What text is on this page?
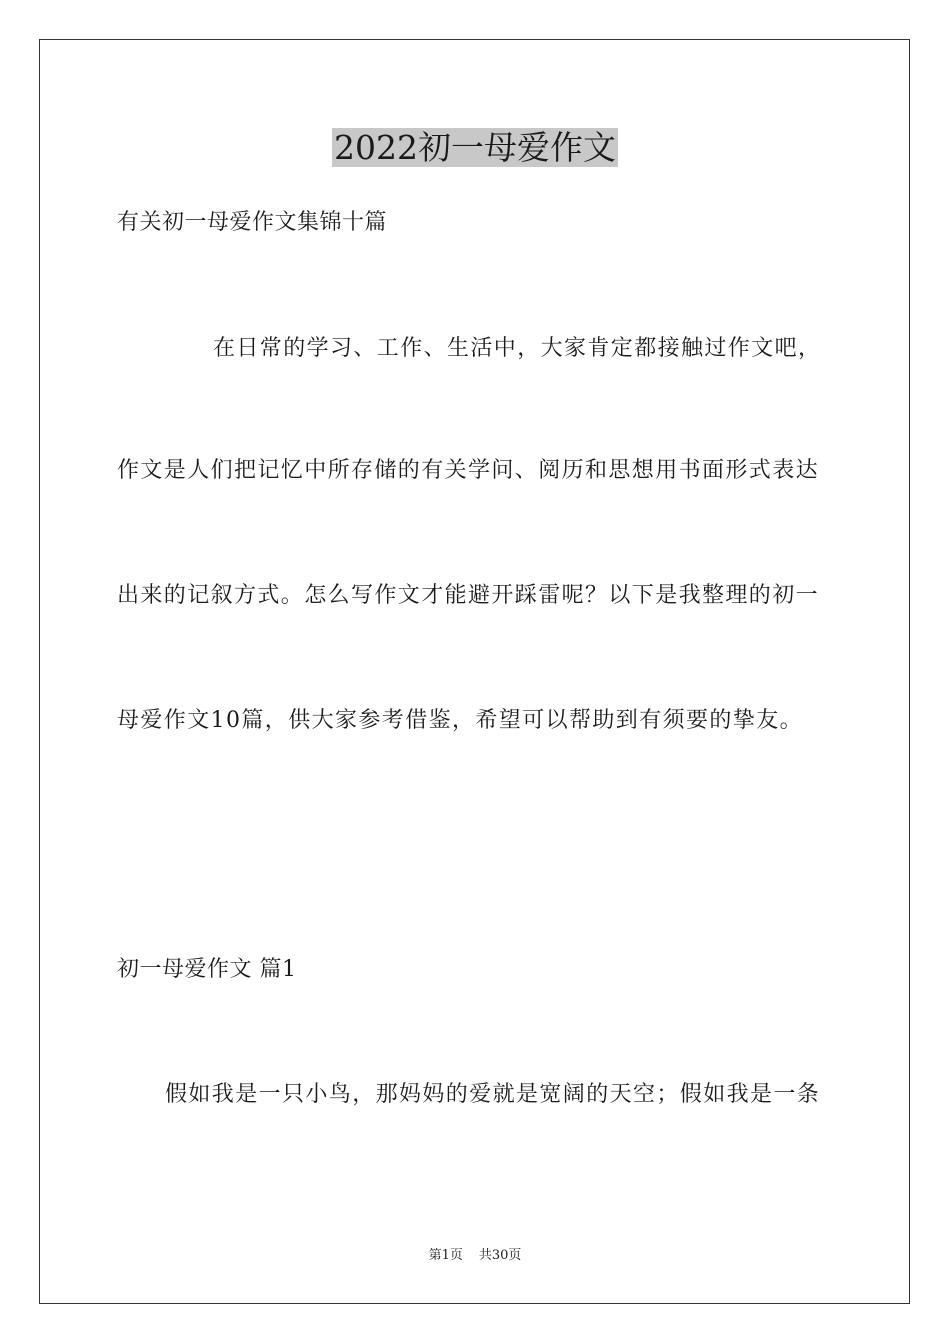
2022初一母爱作文
有关初一母爱作文集锦十篇
在日常的学习、工作、生活中，大家肯定都接触过作文吧，
作文是人们把记忆中所存储的有关学问、阅历和思想用书面形式表达
出来的记叙方式。怎么写作文才能避开踩雷呢？以下是我整理的初一
母爱作文10篇，供大家参考借鉴，希望可以帮助到有须要的挚友。
初一母爱作文 篇1
假如我是一只小鸟，那妈妈的爱就是宽阔的天空；假如我是一条
第1页 共30页
